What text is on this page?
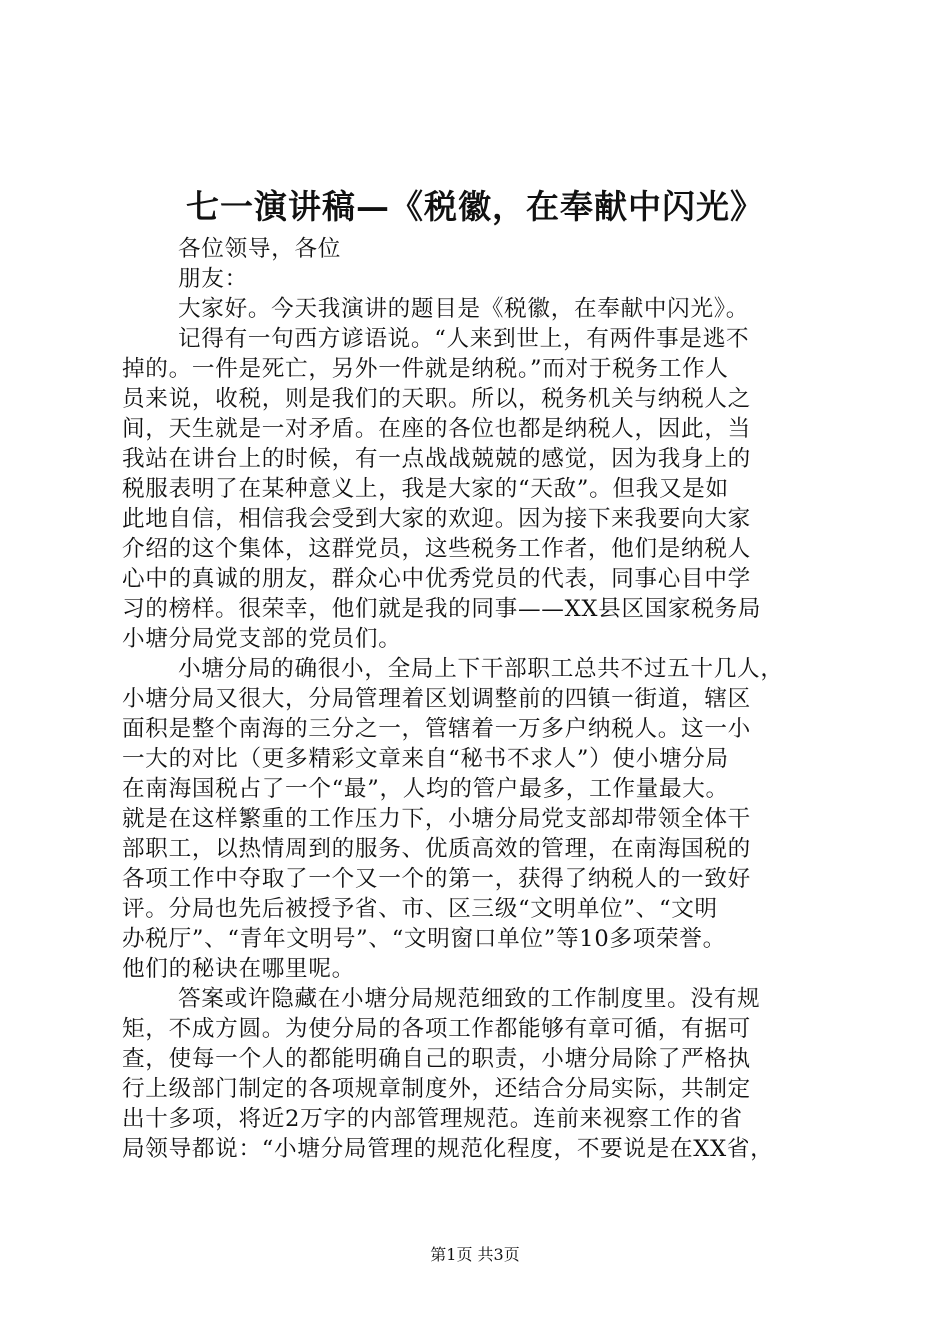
七一演讲稿—《税徽，在奉献中闪光》
各位领导，各位
朋友：
大家好。今天我演讲的题目是《税徽，在奉献中闪光》。
记得有一句西方谚语说。“人来到世上，有两件事是逃不
掉的。一件是死亡，另外一件就是纳税。”而对于税务工作人
员来说，收税，则是我们的天职。所以，税务机关与纳税人之
间，天生就是一对矛盾。在座的各位也都是纳税人，因此，当
我站在讲台上的时候，有一点战战兢兢的感觉，因为我身上的
税服表明了在某种意义上，我是大家的“天敌”。但我又是如
此地自信，相信我会受到大家的欢迎。因为接下来我要向大家
介绍的这个集体，这群党员，这些税务工作者，他们是纳税人
心中的真诚的朋友，群众心中优秀党员的代表，同事心目中学
习的榜样。很荣幸，他们就是我的同事——XX县区国家税务局
小塘分局党支部的党员们。
小塘分局的确很小，全局上下干部职工总共不过五十几人，
小塘分局又很大，分局管理着区划调整前的四镇一街道，辖区
面积是整个南海的三分之一，管辖着一万多户纳税人。这一小
一大的对比（更多精彩文章来自“秘书不求人”）使小塘分局
在南海国税占了一个“最”，人均的管户最多，工作量最大。
就是在这样繁重的工作压力下，小塘分局党支部却带领全体干
部职工，以热情周到的服务、优质高效的管理，在南海国税的
各项工作中夺取了一个又一个的第一，获得了纳税人的一致好
评。分局也先后被授予省、市、区三级“文明单位”、“文明
办税厅”、“青年文明号”、“文明窗口单位”等10多项荣誉。
他们的秘诀在哪里呢。
答案或许隐藏在小塘分局规范细致的工作制度里。没有规
矩，不成方圆。为使分局的各项工作都能够有章可循，有据可
查，使每一个人的都能明确自己的职责，小塘分局除了严格执
行上级部门制定的各项规章制度外，还结合分局实际，共制定
出十多项，将近2万字的内部管理规范。连前来视察工作的省
局领导都说：“小塘分局管理的规范化程度，不要说是在XX省，
第1页 共3页
